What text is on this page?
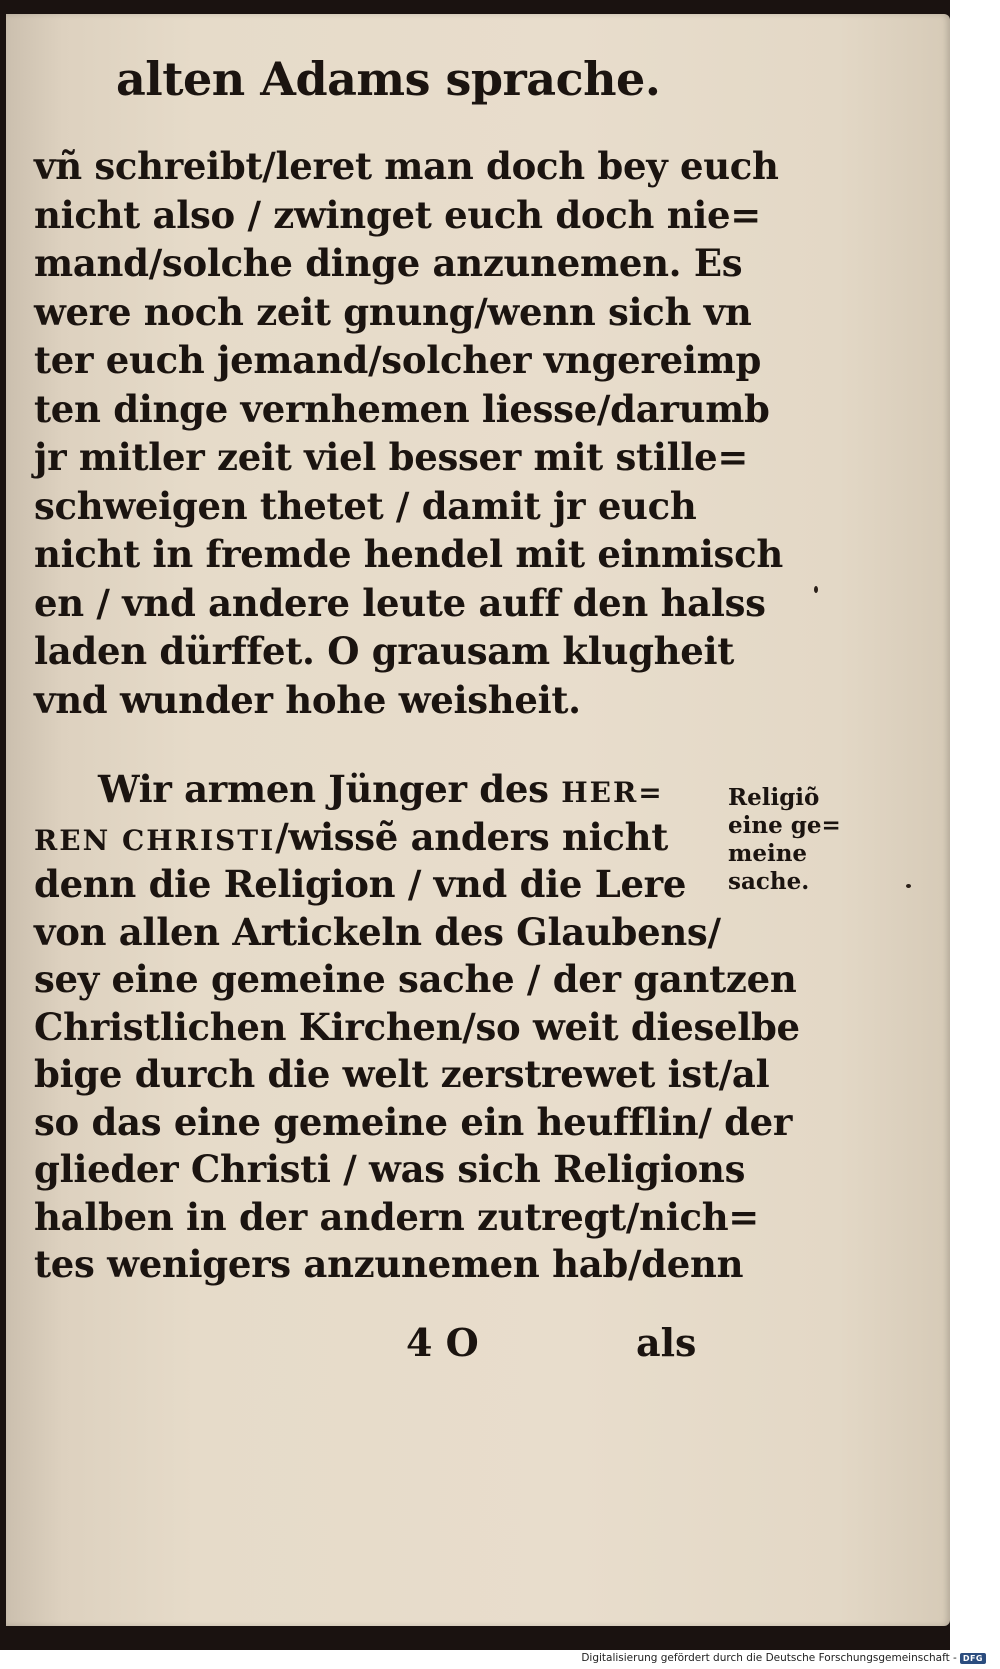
alten Adams sprache.
vñ schreibt/leret man doch bey euch
nicht also / zwinget euch doch nie=
mand/solche dinge anzunemen. Es
were noch zeit gnung/wenn sich vn
ter euch jemand/solcher vngereimp
ten dinge vernhemen liesse/darumb
jr mitler zeit viel besser mit stille=
schweigen thetet / damit jr euch
nicht in fremde hendel mit einmisch
en / vnd andere leute auff den halss
laden dürffet. O grausam klugheit
vnd wunder hohe weisheit.
Wir armen Jünger des HER=
REN CHRISTI/wissẽ anders nicht
denn die Religion / vnd die Lere
von allen Artickeln des Glaubens/
sey eine gemeine sache / der gantzen
Christlichen Kirchen/so weit dieselbe
bige durch die welt zerstrewet ist/al
so das eine gemeine ein heufflin/ der
glieder Christi / was sich Religions
halben in der andern zutregt/nich=
tes wenigers anzunemen hab/denn
4 O	als
Religiõ
eine ge=
meine
sache.
Digitalisierung gefördert durch die Deutsche Forschungsgemeinschaft - DFG
